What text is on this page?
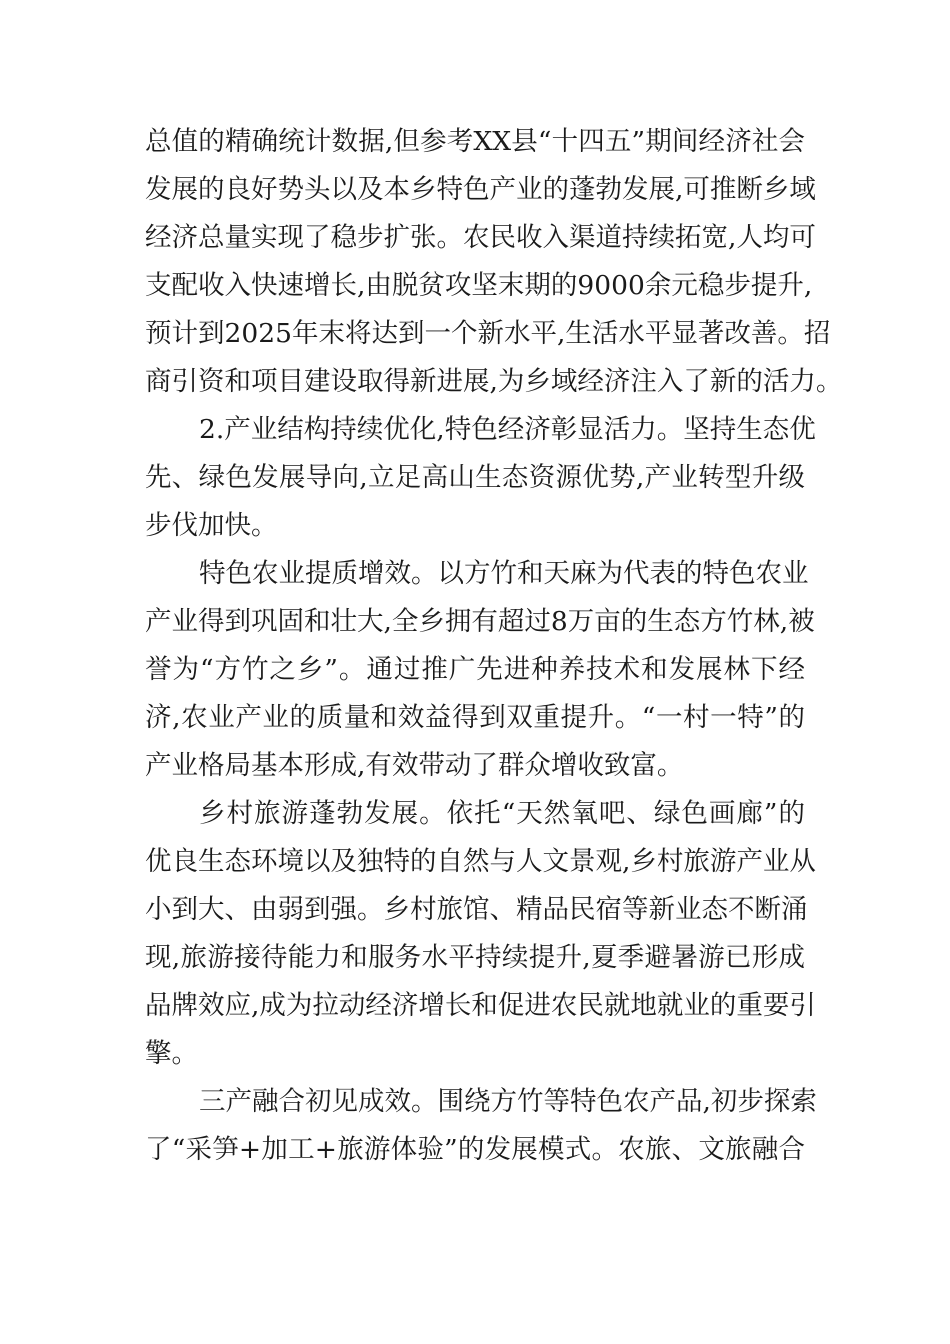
总值的精确统计数据,但参考XX县“十四五”期间经济社会
发展的良好势头以及本乡特色产业的蓬勃发展,可推断乡域
经济总量实现了稳步扩张。农民收入渠道持续拓宽,人均可
支配收入快速增长,由脱贫攻坚末期的9000余元稳步提升,
预计到2025年末将达到一个新水平,生活水平显著改善。招
商引资和项目建设取得新进展,为乡域经济注入了新的活力。
2.产业结构持续优化,特色经济彰显活力。坚持生态优
先、绿色发展导向,立足高山生态资源优势,产业转型升级
步伐加快。
特色农业提质增效。以方竹和天麻为代表的特色农业
产业得到巩固和壮大,全乡拥有超过8万亩的生态方竹林,被
誉为“方竹之乡”。通过推广先进种养技术和发展林下经
济,农业产业的质量和效益得到双重提升。“一村一特”的
产业格局基本形成,有效带动了群众增收致富。
乡村旅游蓬勃发展。依托“天然氧吧、绿色画廊”的
优良生态环境以及独特的自然与人文景观,乡村旅游产业从
小到大、由弱到强。乡村旅馆、精品民宿等新业态不断涌
现,旅游接待能力和服务水平持续提升,夏季避暑游已形成
品牌效应,成为拉动经济增长和促进农民就地就业的重要引
擎。
三产融合初见成效。围绕方竹等特色农产品,初步探索
了“采笋+加工+旅游体验”的发展模式。农旅、文旅融合
